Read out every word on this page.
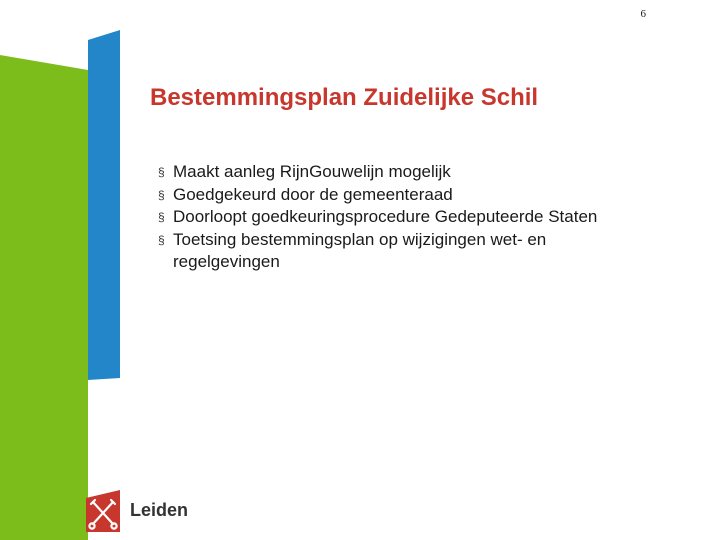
6
Bestemmingsplan Zuidelijke Schil
§ Maakt aanleg RijnGouwelijn mogelijk
§ Goedgekeurd door de gemeenteraad
§ Doorloopt goedkeuringsprocedure Gedeputeerde Staten
§ Toetsing bestemmingsplan op wijzigingen wet- en regelgevingen
Leiden
